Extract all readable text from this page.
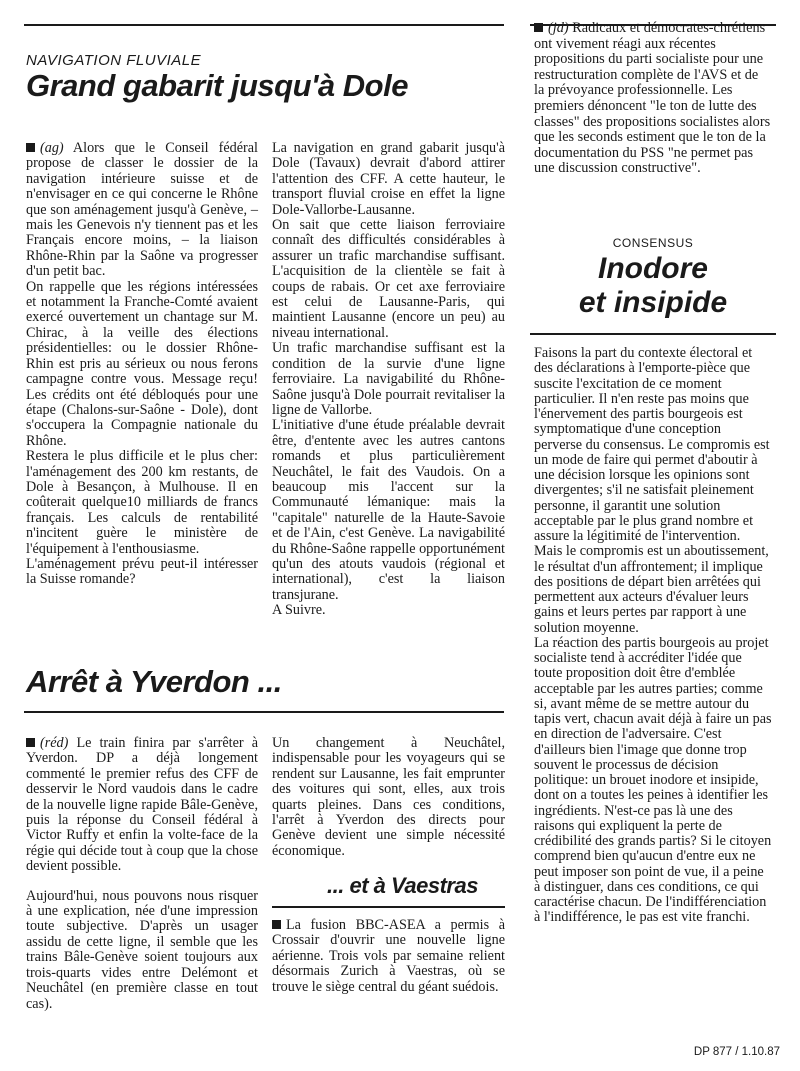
NAVIGATION FLUVIALE
Grand gabarit jusqu'à Dole

(ag) Alors que le Conseil fédéral propose de classer le dossier de la navigation intérieure suisse et de n'envisager en ce qui concerne le Rhône que son aménagement jusqu'à Genève, – mais les Genevois n'y tiennent pas et les Français encore moins, – la liaison Rhône-Rhin par la Saône va progresser d'un petit bac.

On rappelle que les régions intéressées et notamment la Franche-Comté avaient exercé ouvertement un chantage sur M. Chirac, à la veille des élections présidentielles: ou le dossier Rhône-Rhin est pris au sérieux ou nous ferons campagne contre vous. Message reçu! Les crédits ont été débloqués pour une étape (Chalons-sur-Saône - Dole), dont s'occupera la Compagnie nationale du Rhône.

Restera le plus difficile et le plus cher: l'aménagement des 200 km restants, de Dole à Besançon, à Mulhouse. Il en coûterait quelque10 milliards de francs français. Les calculs de rentabilité n'incitent guère le ministère de l'équipement à l'enthousiasme.

L'aménagement prévu peut-il intéresser la Suisse romande?

La navigation en grand gabarit jusqu'à Dole (Tavaux) devrait d'abord attirer l'attention des CFF. A cette hauteur, le transport fluvial croise en effet la ligne Dole-Vallorbe-Lausanne.

On sait que cette liaison ferroviaire connaît des difficultés considérables à assurer un trafic marchandise suffisant. L'acquisition de la clientèle se fait à coups de rabais. Or cet axe ferroviaire est celui de Lausanne-Paris, qui maintient Lausanne (encore un peu) au niveau international.

Un trafic marchandise suffisant est la condition de la survie d'une ligne ferroviaire. La navigabilité du Rhône-Saône jusqu'à Dole pourrait revitaliser la ligne de Vallorbe.

L'initiative d'une étude préalable devrait être, d'entente avec les autres cantons romands et plus particulièrement Neuchâtel, le fait des Vaudois. On a beaucoup mis l'accent sur la Communauté lémanique: mais la "capitale" naturelle de la Haute-Savoie et de l'Ain, c'est Genève. La navigabilité du Rhône-Saône rappelle opportunément qu'un des atouts vaudois (régional et international), c'est la liaison transjurane.

A Suivre.

Arrêt à Yverdon ...

(réd) Le train finira par s'arrêter à Yverdon. DP a déjà longement commenté le premier refus des CFF de desservir le Nord vaudois dans le cadre de la nouvelle ligne rapide Bâle-Genève, puis la réponse du Conseil fédéral à Victor Ruffy et enfin la volte-face de la régie qui décide tout à coup que la chose devient possible.

Aujourd'hui, nous pouvons nous risquer à une explication, née d'une impression toute subjective. D'après un usager assidu de cette ligne, il semble que les trains Bâle-Genève soient toujours aux trois-quarts vides entre Delémont et Neuchâtel (en première classe en tout cas).

Un changement à Neuchâtel, indispensable pour les voyageurs qui se rendent sur Lausanne, les fait emprunter des voitures qui sont, elles, aux trois quarts pleines. Dans ces conditions, l'arrêt à Yverdon des directs pour Genève devient une simple nécessité économique.

... et à Vaestras

La fusion BBC-ASEA a permis à Crossair d'ouvrir une nouvelle ligne aérienne. Trois vols par semaine relient désormais Zurich à Vaestras, où se trouve le siège central du géant suédois.

(jd) Radicaux et démocrates-chrétiens ont vivement réagi aux récentes propositions du parti socialiste pour une restructuration complète de l'AVS et de la prévoyance professionnelle. Les premiers dénoncent "le ton de lutte des classes" des propositions socialistes alors que les seconds estiment que le ton de la documentation du PSS "ne permet pas une discussion constructive".

CONSENSUS
Inodore
et insipide

Faisons la part du contexte électoral et des déclarations à l'emporte-pièce que suscite l'excitation de ce moment particulier. Il n'en reste pas moins que l'énervement des partis bourgeois est symptomatique d'une conception perverse du consensus. Le compromis est un mode de faire qui permet d'aboutir à une décision lorsque les opinions sont divergentes; s'il ne satisfait pleinement personne, il garantit une solution acceptable par le plus grand nombre et assure la légitimité de l'intervention. Mais le compromis est un aboutissement, le résultat d'un affrontement; il implique des positions de départ bien arrêtées qui permettent aux acteurs d'évaluer leurs gains et leurs pertes par rapport à une solution moyenne.

La réaction des partis bourgeois au projet socialiste tend à accréditer l'idée que toute proposition doit être d'emblée acceptable par les autres parties; comme si, avant même de se mettre autour du tapis vert, chacun avait déjà à faire un pas en direction de l'adversaire. C'est d'ailleurs bien l'image que donne trop souvent le processus de décision politique: un brouet inodore et insipide, dont on a toutes les peines à identifier les ingrédients. N'est-ce pas là une des raisons qui expliquent la perte de crédibilité des grands partis? Si le citoyen comprend bien qu'aucun d'entre eux ne peut imposer son point de vue, il a peine à distinguer, dans ces conditions, ce qui caractérise chacun. De l'indifférenciation à l'indifférence, le pas est vite franchi.

DP 877 / 1.10.87
